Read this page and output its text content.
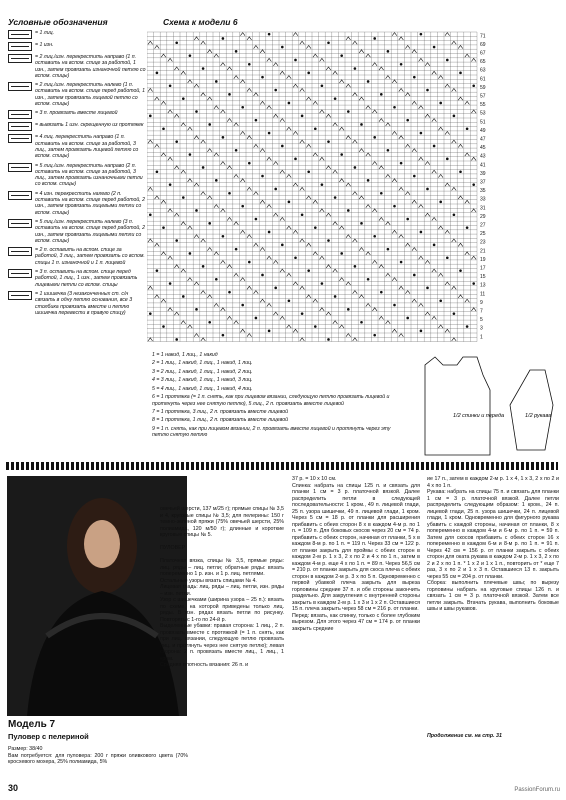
Условные обозначения
= 1 лиц.
= 1 изн.
= 2 лиц./изн. перекрестить направо (1 п. оставить на вспом. спице за работой, 1 изн., затем провязать изнаночной петлю со вспом. спицы)
= 2 лиц./изн. перекрестить налево (1 п. оставить на вспом. спице перед работой, 1 изн., затем провязать лицевой петлю со вспом. спицы)
= 3 п. провязать вместе лицевой
= вывязать 1 изн. скрещенную из протяжек
= 4 лиц. перекрестить направо (1 п. оставить на вспом. спице за работой, 3 лиц., затем провязать лицевой петлю со вспом. спицы)
= 5 лиц./изн. перекрестить направо (2 п. оставить на вспом. спице за работой, 3 лиц., затем провязать изнаночными петли со вспом. спицы)
= 4 изн. перекрестить налево (2 п. оставить на вспом. спице перед работой, 2 изн., затем провязать лицевыми петли со вспом. спицы)
= 5 лиц./изн. перекрестить налево (3 п. оставить на вспом. спице перед работой, 2 изн., затем провязать лицевыми петли со вспом. спицы)
= 2 п. оставить на вспом. спице за работой, 3 лиц., затем провязать со вспом. спицы 1 п. изнаночной и 1 п. лицевой
= 3 п. оставить на вспом. спице перед работой, 1 лиц., 1 изн., затем провязать лицевыми петли со вспом. спицы
= 1 шишечка (3 незаконченных ст. с/н связать в одну петлю основания, все 3 столбика провязать вместе и петлю шишечка перевести в правую спицу)
Схема к модели 6
71
69
67
65
63
61
59
57
55
53
51
49
47
45
43
41
39
37
35
33
31
29
27
25
23
21
19
17
15
13
11
9
7
5
3
1
1 = 1 накид, 1 лиц., 1 накид
2 = 1 лиц., 1 накид, 1 лиц., 1 накид, 1 лиц.
3 = 2 лиц., 1 накид, 1 лиц., 1 накид, 2 лиц.
4 = 3 лиц., 1 накид, 1 лиц., 1 накид, 3 лиц.
5 = 4 лиц., 1 накид, 1 лиц., 1 накид, 4 лиц.
6 = 1 протяжка (= 1 п. снять, как при лицевом вязании, следующую петлю провязать лицевой и протянуть через нее снятую петлю), 5 лиц., 2 п. провязать вместе лицевой
7 = 1 протяжка, 3 лиц., 2 п. провязать вместе лицевой
8 = 1 протяжка, 1 лиц., 2 п. провязать вместе лицевой
9 = 1 п. снять, как при лицевом вязании, 2 п. провязать вместе лицевой и протянуть через эту петлю снятую петлю
1/2 спинки и переда	1/2 рукава
Модель 7
Пуловер с пелериной
Размер: 38/40
Вам потребуется: для пуловера: 200 г пряжи оливкового цвета (70% кросхевого мохера, 25% полиамида, 5%
овечьей шерсти, 137 м/25 г); прямые спицы № 3,5 и 4, круговые спицы № 3,5; для пелерины: 150 г темно-зеленой пряжи (75% овечьей шерсти, 25% полиамида, 120 м/50 г); длинные и короткие круговые спицы № 5.

ПУЛОВЕР

Платочная вязка, спицы № 3,5, прямые ряды: лиц. ряды – лиц. петли; обратные ряды: вязать попеременно 1 р. изн. и 1 р. лиц. петлями.
Остальные узоры вязать спицами № 4.
Лицевая гладь: лиц. ряды – лиц. петли, изн. ряды – изн. петли.
Узор с шишечками (ширина узора – 25 п.): вязать по схеме, на которой приведены только лиц. ряды. В изн. рядах вязать петли по рисунку. Повторять с 1-го по 24-й р.
Выделенные убавки: правая сторона: 1 лиц., 2 п. провязать вместе с протяжкой (= 1 п. снять, как при лиц. вязании, следующую петлю провязать лиц. и протянуть через нее снятую петлю); левая сторона: 2 п. провязать вместе лиц., 1 лиц., 1 кром.
Средняя плотность вязания: 26 п. и
37 р. = 10 х 10 см.
Спинка: набрать на спицы 125 п. и связать для планки 1 см = 3 р. платочной вязкой. Далее распределить петли в следующей последовательности: 1 кром., 49 п. лицевой глади, 25 п. узора шишечки, 49 п. лицевой глади, 1 кром. Через 5 см = 18 р. от планки для расширения прибавить с обеих сторон 8 х в каждом 4-м р. по 1 п. = 109 п. Для боковых скосов через 20 см = 74 р. прибавить с обеих сторон, начиная от планки, 5 х в каждом 8-м р. по 1 п. = 119 п. Через 33 см = 122 р. от планки закрыть для проймы с обеих сторон в каждом 2-м р. 1 х 3, 2 х по 2 и 4 х по 1 п., затем в каждом 4-м р. еще 4 х по 1 п. = 89 п. Через 56,5 см = 210 р. от планки закрыть для скоса плеча с обеих сторон в каждом 2-м р. 3 х по 5 п. Одновременно с первой убавкой плеча закрыть для выреза горловины средние 37 п. и обе стороны закончить раздельно. Для закругления с внутренней стороны закрыть в каждом 2-м р. 1 х 3 и 1 х 2 п. Оставшиеся 15 п. плеча закрыть через 58 см = 216 р. от планки.
Перед: вязать, как спинку, только с более глубоким вырезом. Для этого через 47 см = 174 р. от планки закрыть средние
ие 17 п., затем в каждом 2-м р. 1 х 4, 1 х 3, 2 х по 2 и 4 х по 1 п.
Рукава: набрать на спицы 75 п. и связать для планки 1 см = 3 р. платочной вязкой. Далее петли распределить следующим образом: 1 кром., 24 п. лицевой глади, 25 п. узора шишечки, 24 п. лицевой глади, 1 кром. Одновременно для фигурного рукава убавить с каждой стороны, начиная от планки, 8 х попеременно в каждом 4-м и 6-м р. по 1 п. = 59 п. Затем для скосов прибавить с обеих сторон 16 х попеременно в каждом 6-м и 8-м р. по 1 п. = 91 п. Через 42 см = 156 р. от планки закрыть с обеих сторон для оката рукава в каждом 2-м р. 1 х 3, 2 х по 2 и 2 х по 1 п. * 1 х 2 и 1 х 1 п., повторить от * еще 7 раз, 3 х по 2 и 1 х 3 п. Оставшиеся 13 п. закрыть через 55 см = 204 р. от планки.
Сборка: выполнить плечевые швы; по вырезу горловины набрать на круговые спицы 126 п. и связать 1 см = 3 р. платочной вязкой. Затем все петли закрыть. Втачать рукава, выполнить боковые швы и швы рукавов.
Продолжение см. на стр. 31
30	PassionForum.ru
